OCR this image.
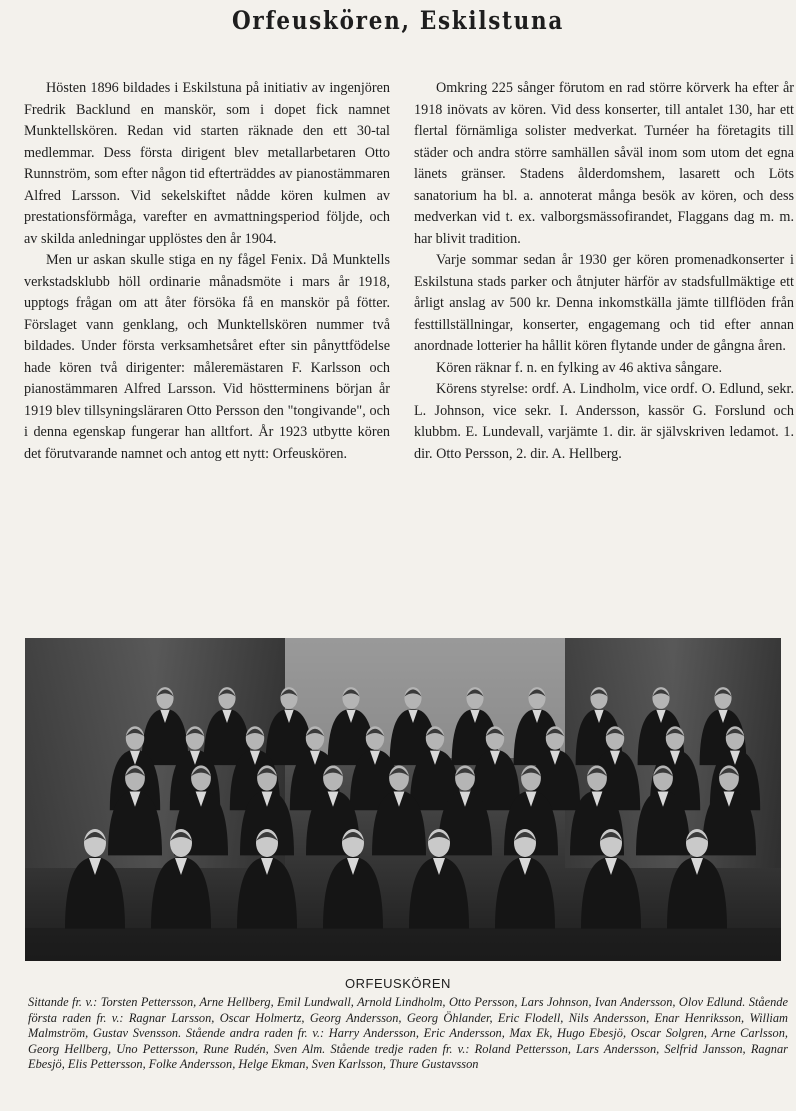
Orfeuskören, Eskilstuna

Hösten 1896 bildades i Eskilstuna på initiativ av ingenjören Fredrik Backlund en manskör, som i dopet fick namnet Munktellskören. Redan vid starten räknade den ett 30-tal medlemmar. Dess första dirigent blev metallarbetaren Otto Runnström, som efter någon tid efterträddes av pianostämmaren Alfred Larsson. Vid sekelskiftet nådde kören kulmen av prestationsförmåga, varefter en avmattningsperiod följde, och av skilda anledningar upplöstes den år 1904.

Men ur askan skulle stiga en ny fågel Fenix. Då Munktells verkstadsklubb höll ordinarie månadsmöte i mars år 1918, upptogs frågan om att åter försöka få en manskör på fötter. Förslaget vann genklang, och Munktellskören nummer två bildades. Under första verksamhetsåret efter sin pånyttfödelse hade kören två dirigenter: måleremästaren F. Karlsson och pianostämmaren Alfred Larsson. Vid höstterminens början år 1919 blev tillsyningsläraren Otto Persson den "tongivande", och i denna egenskap fungerar han alltfort. År 1923 utbytte kören det förutvarande namnet och antog ett nytt: Orfeuskören.

Omkring 225 sånger förutom en rad större körverk ha efter år 1918 inövats av kören. Vid dess konserter, till antalet 130, har ett flertal förnämliga solister medverkat. Turnéer ha företagits till städer och andra större samhällen såväl inom som utom det egna länets gränser. Stadens ålderdomshem, lasarett och Löts sanatorium ha bl. a. annoterat många besök av kören, och dess medverkan vid t. ex. valborgsmässofirandet, Flaggans dag m. m. har blivit tradition.

Varje sommar sedan år 1930 ger kören promenadkonserter i Eskilstuna stads parker och åtnjuter härför av stadsfullmäktige ett årligt anslag av 500 kr. Denna inkomstkälla jämte tillflöden från festtillställningar, konserter, engagemang och tid efter annan anordnade lotterier ha hållit kören flytande under de gångna åren.

Kören räknar f. n. en fylking av 46 aktiva sångare.

Körens styrelse: ordf. A. Lindholm, vice ordf. O. Edlund, sekr. L. Johnson, vice sekr. I. Andersson, kassör G. Forslund och klubbm. E. Lundevall, varjämte 1. dir. är självskriven ledamot. 1. dir. Otto Persson, 2. dir. A. Hellberg.

ORFEUSKÖREN
Sittande fr. v.: Torsten Pettersson, Arne Hellberg, Emil Lundwall, Arnold Lindholm, Otto Persson, Lars Johnson, Ivan Andersson, Olov Edlund. Stående första raden fr. v.: Ragnar Larsson, Oscar Holmertz, Georg Andersson, Georg Öhlander, Eric Flodell, Nils Andersson, Enar Henriksson, William Malmström, Gustav Svensson. Stående andra raden fr. v.: Harry Andersson, Eric Andersson, Max Ek, Hugo Ebesjö, Oscar Solgren, Arne Carlsson, Georg Hellberg, Uno Pettersson, Rune Rudén, Sven Alm. Stående tredje raden fr. v.: Roland Pettersson, Lars Andersson, Selfrid Jansson, Ragnar Ebesjö, Elis Pettersson, Folke Andersson, Helge Ekman, Sven Karlsson, Thure Gustavsson
